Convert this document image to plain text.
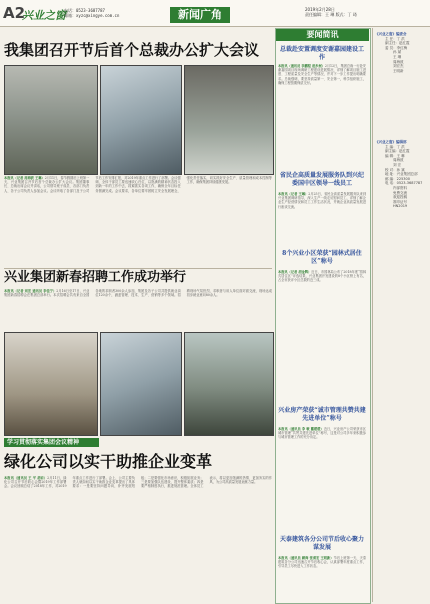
A2
兴业之窗
电话：0523-3687787
邮箱：xyzc@xingye.com.cn	新闻广角	2019年2月28日
责任编辑：王 琳 版式：丁 琦
我集团召开节后首个总裁办公扩大会议
本报讯（记者 周海波 王琳）2月11日，春节假期后上班第一天，兴业集团召开节后首个总裁办公扩大会议。集团董事长、总裁出席会议并讲话，公司领导班子成员、各部门负责人、各子公司负责人参加会议。会议听取了各部门及子公司节后工作安排汇报，对2019年重点工作进行了部署。会议强调，全体干部员工要迅速收心归位，以饱满的精神状态投入到新一年的工作中去，抓紧抓实各项工作，确保全年目标任务圆满完成。会议要求，各单位要牢固树立安全发展理念，强化责任落实，切实抓好安全生产、质量管理和成本控制等工作，确保集团持续健康发展。
兴业集团新春招聘工作成功举行
本报讯（记者 刘宏 通讯员 李佳宁）2月16日至17日，兴业集团新春招聘会在集团总部举行。本次招聘会共有来自全国各地的求职者300余人参加，集团及各子公司共提供就业岗位120余个，涵盖管理、技术、生产、营销等多个领域。招聘现场气氛热烈，求职者与用人单位面对面交流，现场达成初步就业意向80余人。
学习贯彻落实集团会议精神
绿化公司以实干助推企业变革
本报讯（通讯员 王 平 胡岩）2月11日，绿化公司召开节后收心会暨2019年工作部署会。会议回顾总结了2018年工作，对2019年重点工作进行了部署。会上，公司主要负责人就如何以实干助推企业变革提出了具体要求：一是要坚持问题导向，补齐发展短板；二是要强化市场意识，积极拓展业务；三是要加强队伍建设，提升整体素质；四是要严格制度执行，推进规范管理。全体员工表示，将以更加饱满的热情、更加务实的作风，为公司高质量发展贡献力量。
要闻简讯
总裁赴安置调度安谢嘉园建设工作
本报讯（通讯员 李鹏程 赵步展）2月12日，集团总裁一行赴安谢嘉园项目现场调研工程建设进展情况，详细了解项目施工进度、工程质量及安全生产等情况，并对下一步工作提出明确要求。总裁强调，要坚持质量第一、安全第一，科学组织施工，确保工程按期保质交付。
省民企高质量发展服务队到兴纪委国中区领导一线员工
本报讯（记者 王琳）2月25日，省民企高质量发展服务队来到兴业集团调研指导，深入生产一线走访慰问员工，详细了解企业生产经营情况和员工工作生活状况，并就企业高质量发展进行座谈交流。
8个兴业小区荣获“园林式居住区”称号
本报讯（记者 胡金辉）近日，市园林局公布了2018年度“园林式居住区”评选结果，兴业集团开发建设的8个小区榜上有名，占全市获评小区总数的近三成。
兴业房产荣获“诚市管理共赞共建先进单位”称号
本报讯（通讯员 李 敏 戴缓缓）近日，兴业房产公司荣获市区城市管理“共赞共建先进单位”称号，这是对公司多年来积极参与城市管理工作的充分肯定。
天泰建筑各分公司节后收心聚力谋发展
本报讯（通讯员 顾海 张勇宏 王明新）节后上班第一天，天泰建筑各分公司迅速召开节后收心会，认真部署年度重点工作，引导员工尽快进入工作状态。
《兴业之窗》编委会
主 任：丁 洪
副主任：赵红霞
委 员：李红梅
孙 斌
王 琳
周海波
刘宏杰
王明新
《兴业之窗》编辑部
主 编：丁 洪
副主编：赵红霞
编 辑：王 琳
周海波
刘 宏
校 对：孙 斌
地 址：兴业集团总部
邮 编：225300
电 话：0523-3687787
内部资料
免费交流
欢迎投稿
准印证号
HN2019
